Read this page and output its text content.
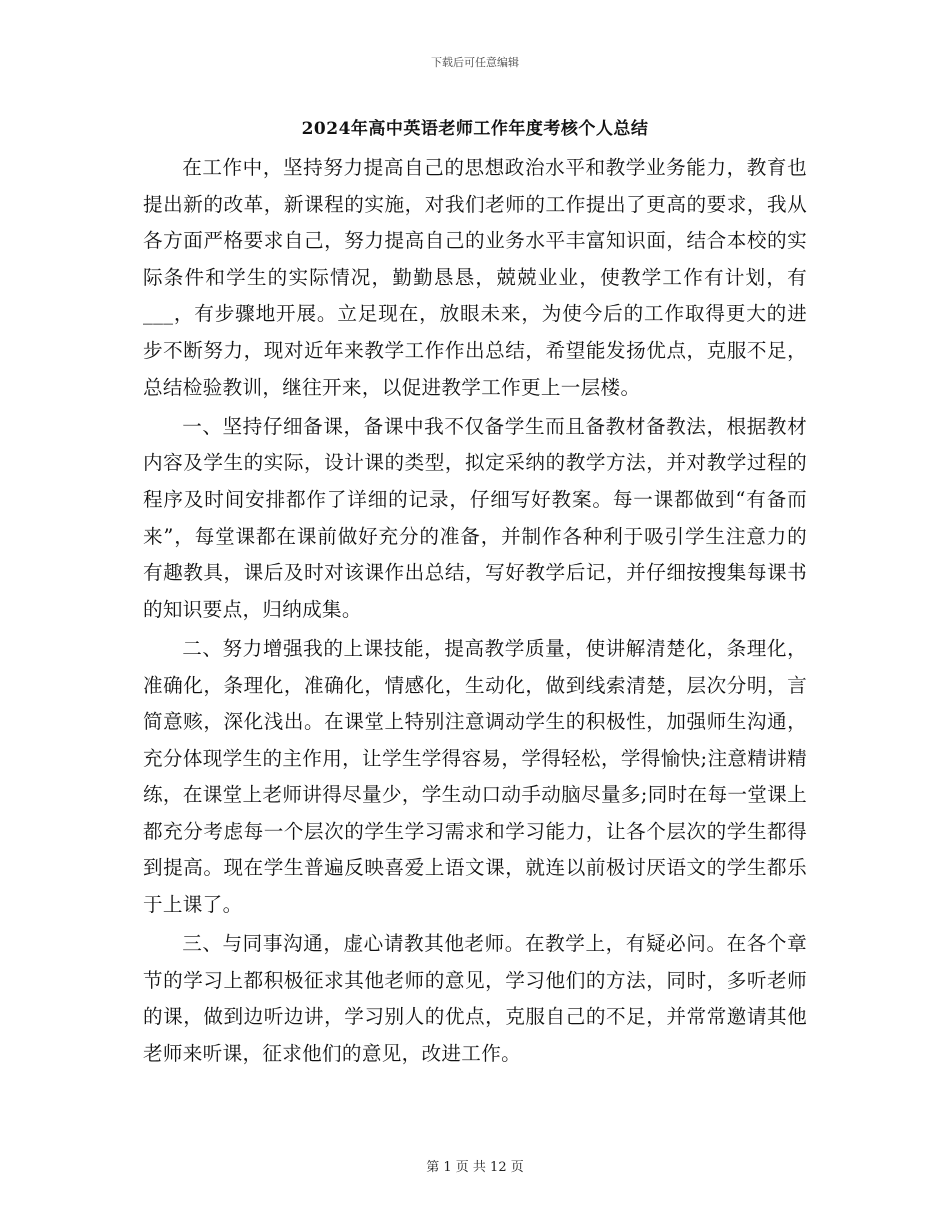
下载后可任意编辑
2024年高中英语老师工作年度考核个人总结

在工作中，坚持努力提高自己的思想政治水平和教学业务能力，教育也提出新的改革，新课程的实施，对我们老师的工作提出了更高的要求，我从各方面严格要求自己，努力提高自己的业务水平丰富知识面，结合本校的实际条件和学生的实际情况，勤勤恳恳，兢兢业业，使教学工作有计划，有___，有步骤地开展。立足现在，放眼未来，为使今后的工作取得更大的进步不断努力，现对近年来教学工作作出总结，希望能发扬优点，克服不足，总结检验教训，继往开来，以促进教学工作更上一层楼。

一、坚持仔细备课，备课中我不仅备学生而且备教材备教法，根据教材内容及学生的实际，设计课的类型，拟定采纳的教学方法，并对教学过程的程序及时间安排都作了详细的记录，仔细写好教案。每一课都做到“有备而来”，每堂课都在课前做好充分的准备，并制作各种利于吸引学生注意力的有趣教具，课后及时对该课作出总结，写好教学后记，并仔细按搜集每课书的知识要点，归纳成集。

二、努力增强我的上课技能，提高教学质量，使讲解清楚化，条理化，准确化，条理化，准确化，情感化，生动化，做到线索清楚，层次分明，言简意赅，深化浅出。在课堂上特别注意调动学生的积极性，加强师生沟通，充分体现学生的主作用，让学生学得容易，学得轻松，学得愉快;注意精讲精练，在课堂上老师讲得尽量少，学生动口动手动脑尽量多;同时在每一堂课上都充分考虑每一个层次的学生学习需求和学习能力，让各个层次的学生都得到提高。现在学生普遍反映喜爱上语文课，就连以前极讨厌语文的学生都乐于上课了。

三、与同事沟通，虚心请教其他老师。在教学上，有疑必问。在各个章节的学习上都积极征求其他老师的意见，学习他们的方法，同时，多听老师的课，做到边听边讲，学习别人的优点，克服自己的不足，并常常邀请其他老师来听课，征求他们的意见，改进工作。

第 1 页 共 12 页
